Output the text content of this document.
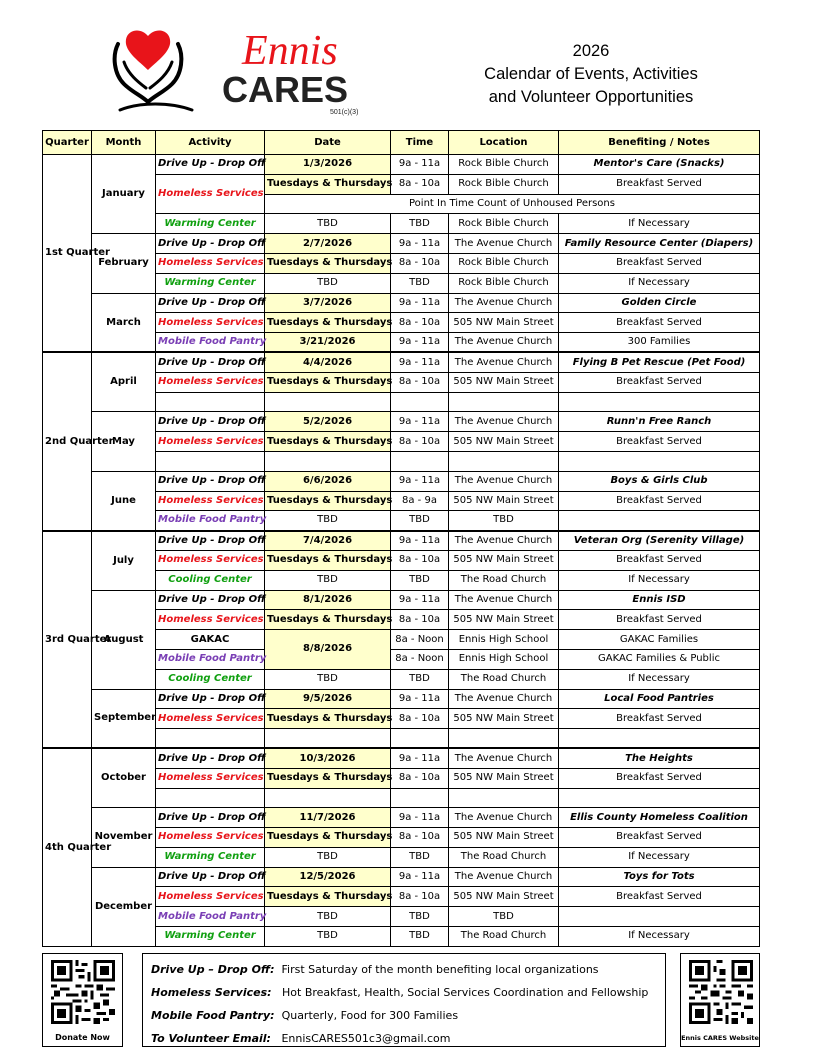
Ennis
CARES
501(c)(3)
2026
Calendar of Events, Activities
and Volunteer Opportunities
Quarter	Month	Activity	Date	Time	Location	Benefiting / Notes
1st Quarter	January	Drive Up - Drop Off	1/3/2026	9a - 11a	Rock Bible Church	Mentor's Care (Snacks)
		Homeless Services	Tuesdays & Thursdays	8a - 10a	Rock Bible Church	Breakfast Served
			Point In Time Count of Unhoused Persons			
		Warming Center	TBD	TBD	Rock Bible Church	If Necessary
	February	Drive Up - Drop Off	2/7/2026	9a - 11a	The Avenue Church	Family Resource Center (Diapers)
		Homeless Services	Tuesdays & Thursdays	8a - 10a	Rock Bible Church	Breakfast Served
		Warming Center	TBD	TBD	Rock Bible Church	If Necessary
	March	Drive Up - Drop Off	3/7/2026	9a - 11a	The Avenue Church	Golden Circle
		Homeless Services	Tuesdays & Thursdays	8a - 10a	505 NW Main Street	Breakfast Served
		Mobile Food Pantry	3/21/2026	9a - 11a	The Avenue Church	300 Families
2nd Quarter	April	Drive Up - Drop Off	4/4/2026	9a - 11a	The Avenue Church	Flying B Pet Rescue (Pet Food)
		Homeless Services	Tuesdays & Thursdays	8a - 10a	505 NW Main Street	Breakfast Served

	May	Drive Up - Drop Off	5/2/2026	9a - 11a	The Avenue Church	Runn'n Free Ranch
		Homeless Services	Tuesdays & Thursdays	8a - 10a	505 NW Main Street	Breakfast Served

	June	Drive Up - Drop Off	6/6/2026	9a - 11a	The Avenue Church	Boys & Girls Club
		Homeless Services	Tuesdays & Thursdays	8a - 9a	505 NW Main Street	Breakfast Served
		Mobile Food Pantry	TBD	TBD	TBD	
3rd Quarter	July	Drive Up - Drop Off	7/4/2026	9a - 11a	The Avenue Church	Veteran Org (Serenity Village)
		Homeless Services	Tuesdays & Thursdays	8a - 10a	505 NW Main Street	Breakfast Served
		Cooling Center	TBD	TBD	The Road Church	If Necessary
	August	Drive Up - Drop Off	8/1/2026	9a - 11a	The Avenue Church	Ennis ISD
		Homeless Services	Tuesdays & Thursdays	8a - 10a	505 NW Main Street	Breakfast Served
		GAKAC	8/8/2026	8a - Noon	Ennis High School	GAKAC Families
		Mobile Food Pantry		8a - Noon	Ennis High School	GAKAC Families & Public
		Cooling Center	TBD	TBD	The Road Church	If Necessary
	September	Drive Up - Drop Off	9/5/2026	9a - 11a	The Avenue Church	Local Food Pantries
		Homeless Services	Tuesdays & Thursdays	8a - 10a	505 NW Main Street	Breakfast Served

4th Quarter	October	Drive Up - Drop Off	10/3/2026	9a - 11a	The Avenue Church	The Heights
		Homeless Services	Tuesdays & Thursdays	8a - 10a	505 NW Main Street	Breakfast Served

	November	Drive Up - Drop Off	11/7/2026	9a - 11a	The Avenue Church	Ellis County Homeless Coalition
		Homeless Services	Tuesdays & Thursdays	8a - 10a	505 NW Main Street	Breakfast Served
		Warming Center	TBD	TBD	The Road Church	If Necessary
	December	Drive Up - Drop Off	12/5/2026	9a - 11a	The Avenue Church	Toys for Tots
		Homeless Services	Tuesdays & Thursdays	8a - 10a	505 NW Main Street	Breakfast Served
		Mobile Food Pantry	TBD	TBD	TBD	
		Warming Center	TBD	TBD	The Road Church	If Necessary
Donate Now
Drive Up – Drop Off: First Saturday of the month benefiting local organizations
Homeless Services: Hot Breakfast, Health, Social Services Coordination and Fellowship
Mobile Food Pantry: Quarterly, Food for 300 Families
To Volunteer Email: EnnisCARES501c3@gmail.com	Ennis CARES Website
